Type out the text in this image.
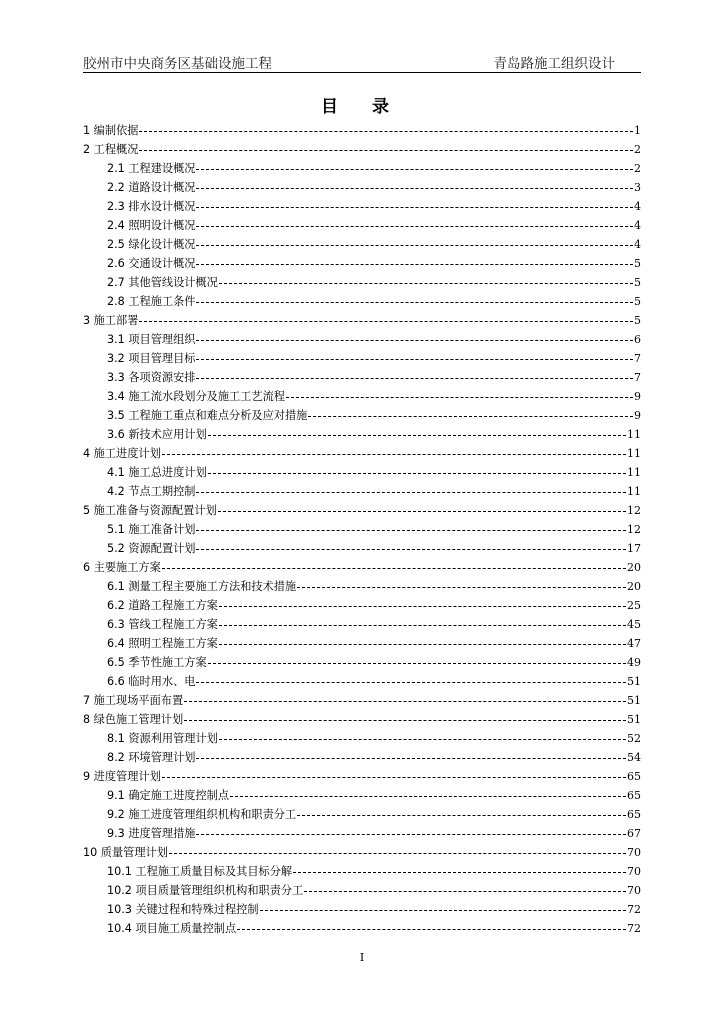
胶州市中央商务区基础设施工程	青岛路施工组织设计
目 录
1 编制依据	1
2 工程概况	2
2.1 工程建设概况	2
2.2 道路设计概况	3
2.3 排水设计概况	4
2.4 照明设计概况	4
2.5 绿化设计概况	4
2.6 交通设计概况	5
2.7 其他管线设计概况	5
2.8 工程施工条件	5
3 施工部署	5
3.1 项目管理组织	6
3.2 项目管理目标	7
3.3 各项资源安排	7
3.4 施工流水段划分及施工工艺流程	9
3.5 工程施工重点和难点分析及应对措施	9
3.6 新技术应用计划	11
4 施工进度计划	11
4.1 施工总进度计划	11
4.2 节点工期控制	11
5 施工准备与资源配置计划	12
5.1 施工准备计划	12
5.2 资源配置计划	17
6 主要施工方案	20
6.1 测量工程主要施工方法和技术措施	20
6.2 道路工程施工方案	25
6.3 管线工程施工方案	45
6.4 照明工程施工方案	47
6.5 季节性施工方案	49
6.6 临时用水、电	51
7 施工现场平面布置	51
8 绿色施工管理计划	51
8.1 资源利用管理计划	52
8.2 环境管理计划	54
9 进度管理计划	65
9.1 确定施工进度控制点	65
9.2 施工进度管理组织机构和职责分工	65
9.3 进度管理措施	67
10 质量管理计划	70
10.1 工程施工质量目标及其目标分解	70
10.2 项目质量管理组织机构和职责分工	70
10.3 关键过程和特殊过程控制	72
10.4 项目施工质量控制点	72
I
